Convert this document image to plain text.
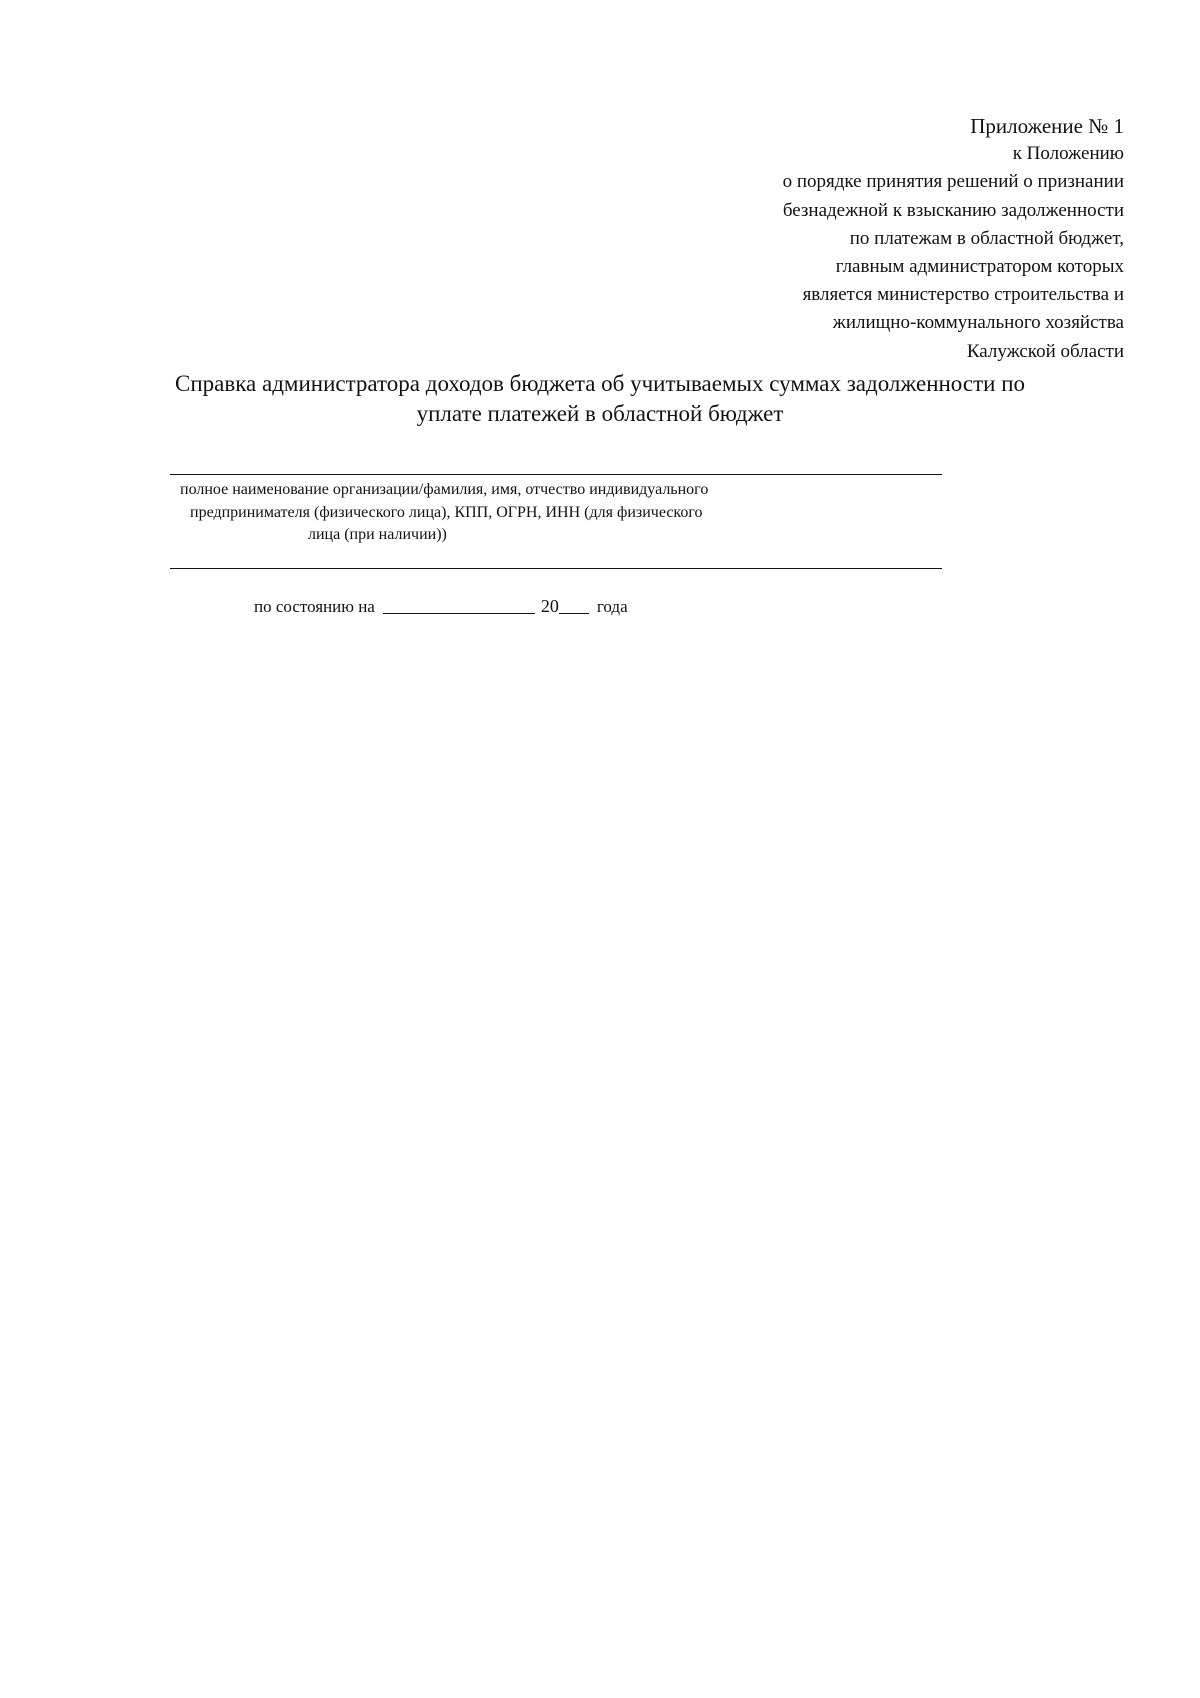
Приложение № 1
к Положению
о порядке принятия решений о признании
безнадежной к взысканию задолженности
по платежам в областной бюджет,
главным администратором которых
является министерство строительства и
жилищно-коммунального хозяйства
Калужской области
Справка администратора доходов бюджета об учитываемых суммах задолженности по
уплате платежей в областной бюджет
полное наименование организации/фамилия, имя, отчество индивидуального
предпринимателя (физического лица), КПП, ОГРН, ИНН (для физического
лица (при наличии))
по состоянию на	20 года
